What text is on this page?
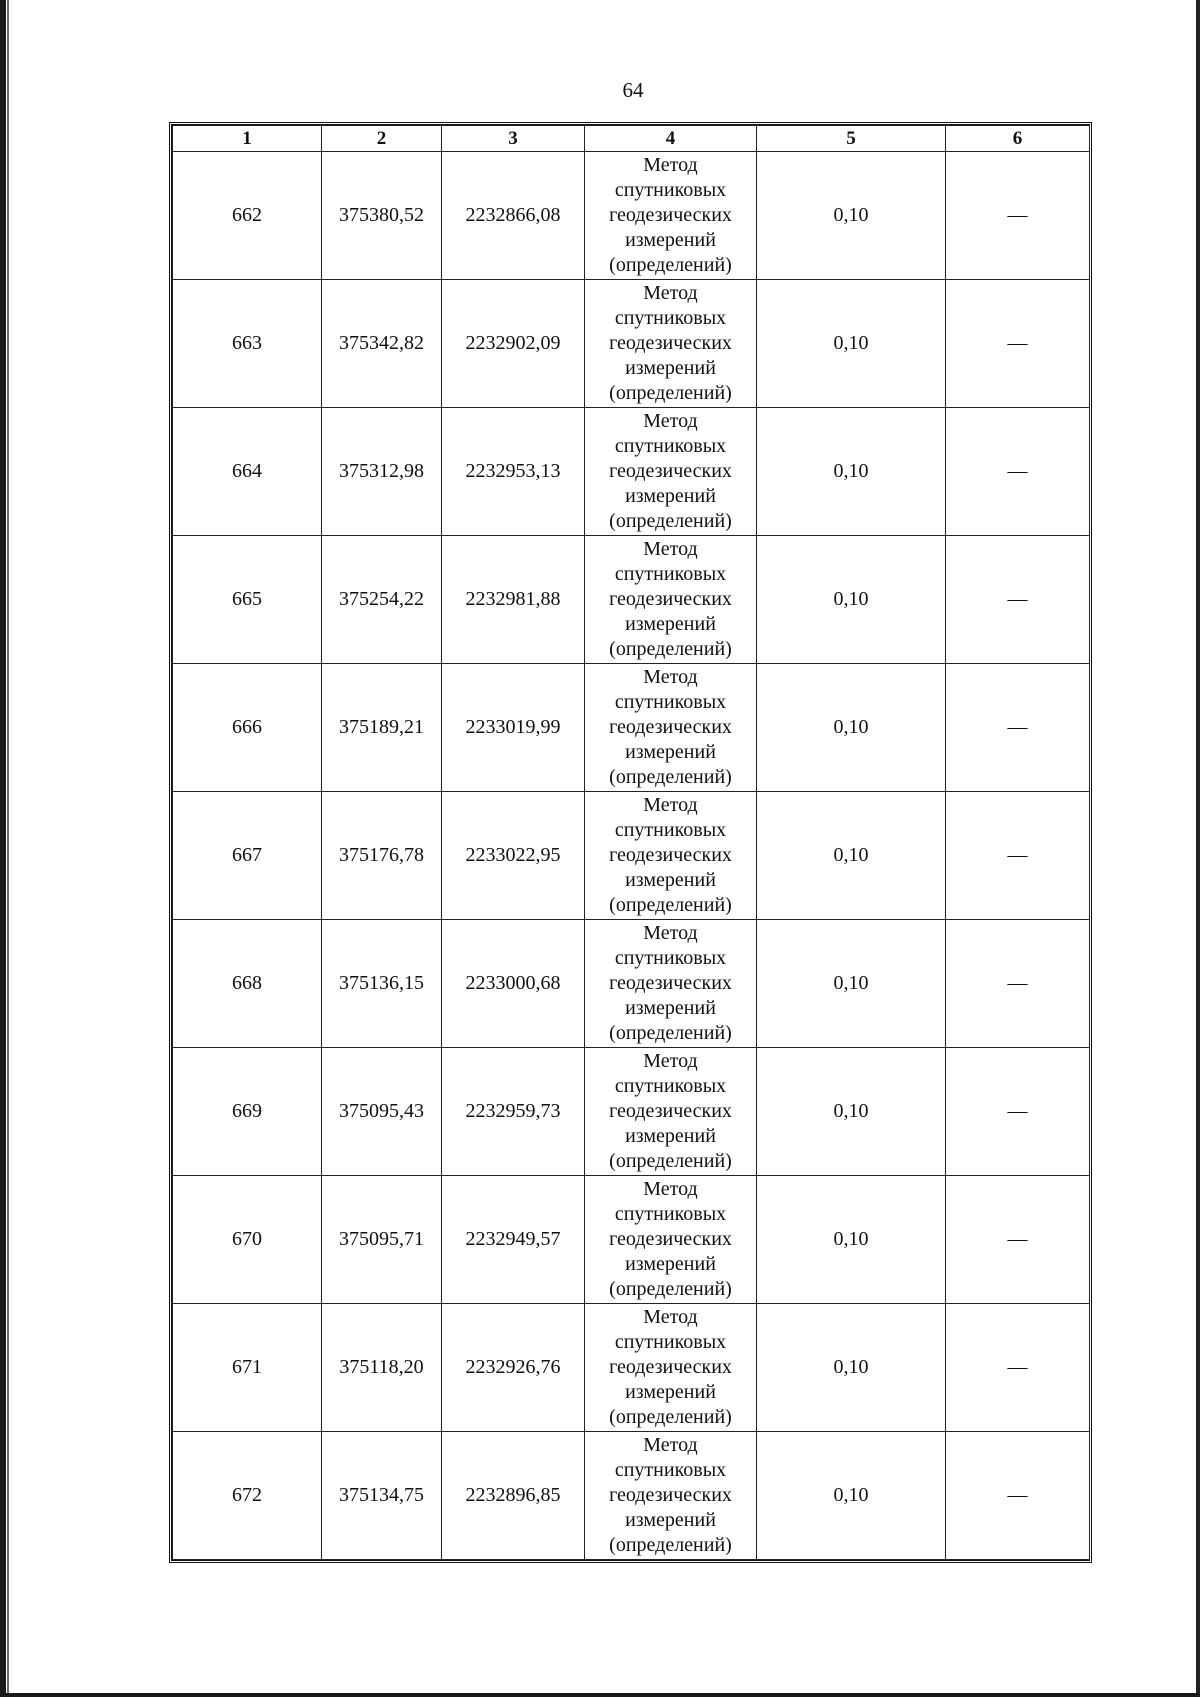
64
1	2	3	4	5	6
662	375380,52	2232866,08	Метод
спутниковых
геодезических
измерений
(определений)	0,10	—
663	375342,82	2232902,09	Метод
спутниковых
геодезических
измерений
(определений)	0,10	—
664	375312,98	2232953,13	Метод
спутниковых
геодезических
измерений
(определений)	0,10	—
665	375254,22	2232981,88	Метод
спутниковых
геодезических
измерений
(определений)	0,10	—
666	375189,21	2233019,99	Метод
спутниковых
геодезических
измерений
(определений)	0,10	—
667	375176,78	2233022,95	Метод
спутниковых
геодезических
измерений
(определений)	0,10	—
668	375136,15	2233000,68	Метод
спутниковых
геодезических
измерений
(определений)	0,10	—
669	375095,43	2232959,73	Метод
спутниковых
геодезических
измерений
(определений)	0,10	—
670	375095,71	2232949,57	Метод
спутниковых
геодезических
измерений
(определений)	0,10	—
671	375118,20	2232926,76	Метод
спутниковых
геодезических
измерений
(определений)	0,10	—
672	375134,75	2232896,85	Метод
спутниковых
геодезических
измерений
(определений)	0,10	—
